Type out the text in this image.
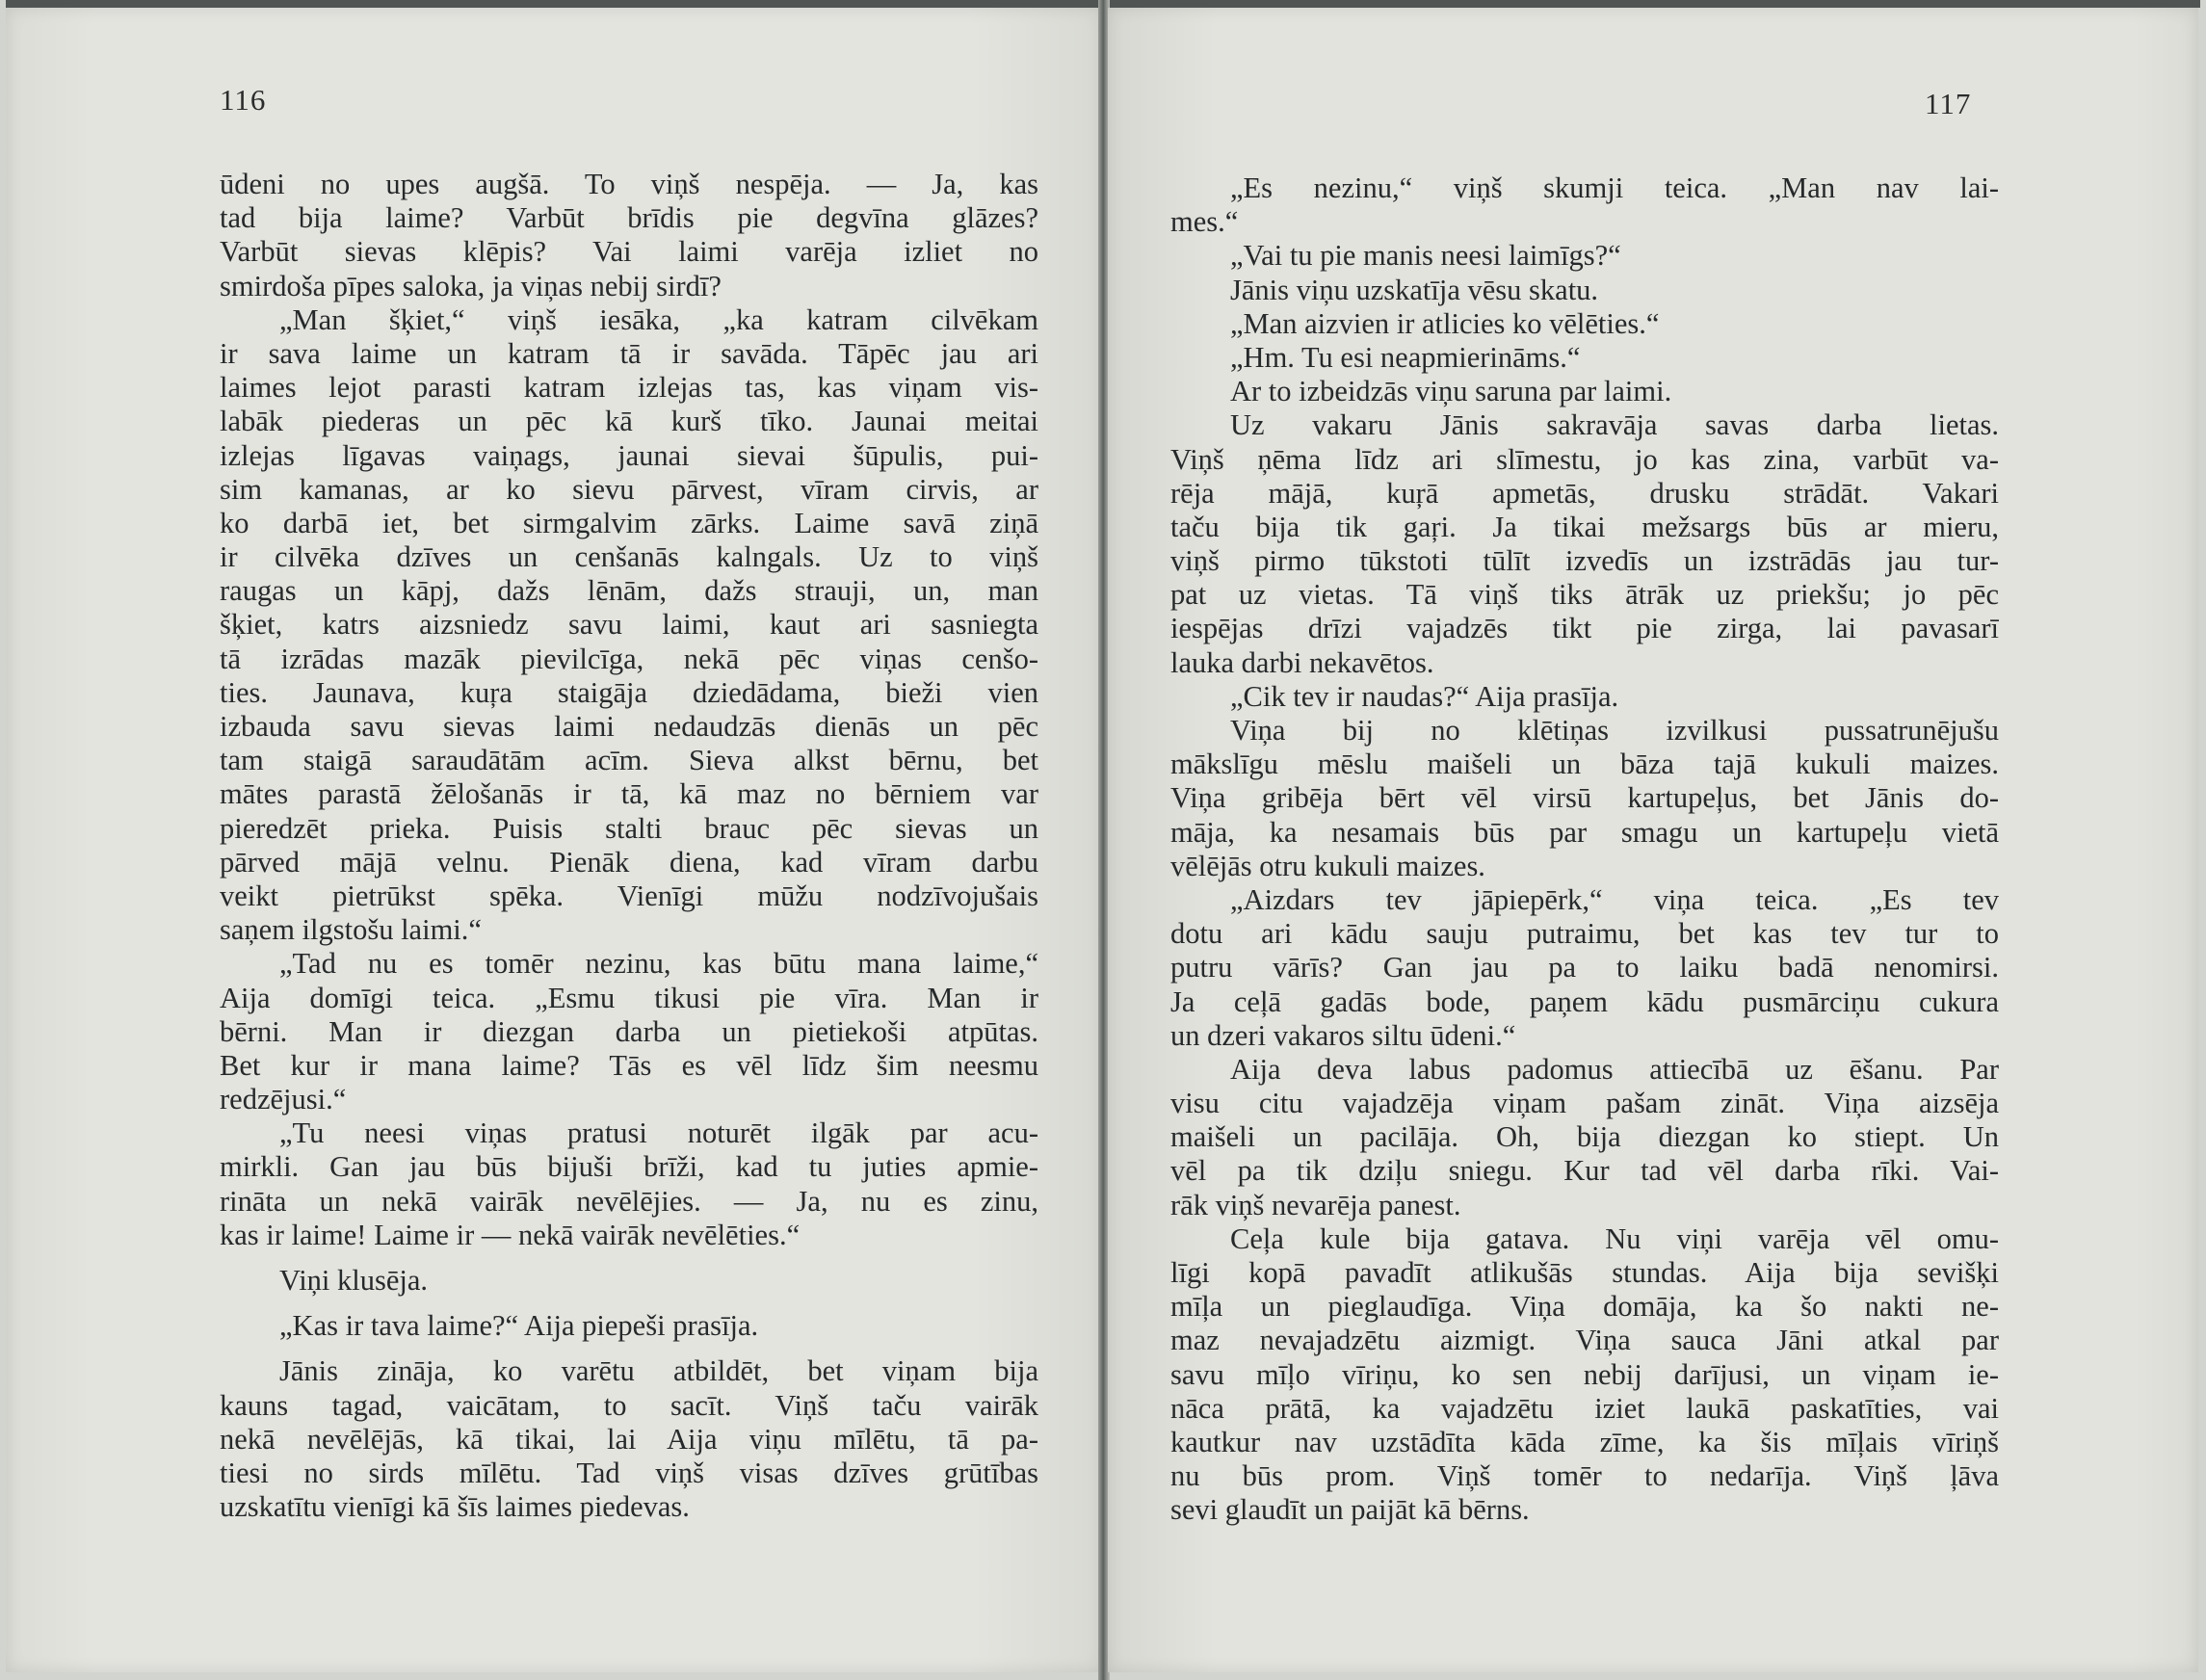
116
ūdeni no upes augšā. To viņš nespēja. — Ja, kas
tad bija laime? Varbūt brīdis pie degvīna glāzes?
Varbūt sievas klēpis? Vai laimi varēja izliet no
smirdoša pīpes saloka, ja viņas nebij sirdī?
„Man šķiet,“ viņš iesāka, „ka katram cilvēkam
ir sava laime un katram tā ir savāda. Tāpēc jau ari
laimes lejot parasti katram izlejas tas, kas viņam vis-
labāk piederas un pēc kā kurš tīko. Jaunai meitai
izlejas līgavas vaiņags, jaunai sievai šūpulis, pui-
sim kamanas, ar ko sievu pārvest, vīram cirvis, ar
ko darbā iet, bet sirmgalvim zārks. Laime savā ziņā
ir cilvēka dzīves un cenšanās kalngals. Uz to viņš
raugas un kāpj, dažs lēnām, dažs strauji, un, man
šķiet, katrs aizsniedz savu laimi, kaut ari sasniegta
tā izrādas mazāk pievilcīga, nekā pēc viņas cenšo-
ties. Jaunava, kuŗa staigāja dziedādama, bieži vien
izbauda savu sievas laimi nedaudzās dienās un pēc
tam staigā saraudātām acīm. Sieva alkst bērnu, bet
mātes parastā žēlošanās ir tā, kā maz no bērniem var
pieredzēt prieka. Puisis stalti brauc pēc sievas un
pārved mājā velnu. Pienāk diena, kad vīram darbu
veikt pietrūkst spēka. Vienīgi mūžu nodzīvojušais
saņem ilgstošu laimi.“
„Tad nu es tomēr nezinu, kas būtu mana laime,“
Aija domīgi teica. „Esmu tikusi pie vīra. Man ir
bērni. Man ir diezgan darba un pietiekoši atpūtas.
Bet kur ir mana laime? Tās es vēl līdz šim neesmu
redzējusi.“
„Tu neesi viņas pratusi noturēt ilgāk par acu-
mirkli. Gan jau būs bijuši brīži, kad tu juties apmie-
rināta un nekā vairāk nevēlējies. — Ja, nu es zinu,
kas ir laime! Laime ir — nekā vairāk nevēlēties.“
Viņi klusēja.
„Kas ir tava laime?“ Aija piepeši prasīja.
Jānis zināja, ko varētu atbildēt, bet viņam bija
kauns tagad, vaicātam, to sacīt. Viņš taču vairāk
nekā nevēlējās, kā tikai, lai Aija viņu mīlētu, tā pa-
tiesi no sirds mīlētu. Tad viņš visas dzīves grūtības
uzskatītu vienīgi kā šīs laimes piedevas.
117
„Es nezinu,“ viņš skumji teica. „Man nav lai-
mes.“
„Vai tu pie manis neesi laimīgs?“
Jānis viņu uzskatīja vēsu skatu.
„Man aizvien ir atlicies ko vēlēties.“
„Hm. Tu esi neapmierināms.“
Ar to izbeidzās viņu saruna par laimi.
Uz vakaru Jānis sakravāja savas darba lietas.
Viņš ņēma līdz ari slīmestu, jo kas zina, varbūt va-
rēja mājā, kuŗā apmetās, drusku strādāt. Vakari
taču bija tik gaŗi. Ja tikai mežsargs būs ar mieru,
viņš pirmo tūkstoti tūlīt izvedīs un izstrādās jau tur-
pat uz vietas. Tā viņš tiks ātrāk uz priekšu; jo pēc
iespējas drīzi vajadzēs tikt pie zirga, lai pavasarī
lauka darbi nekavētos.
„Cik tev ir naudas?“ Aija prasīja.
Viņa bij no klētiņas izvilkusi pussatrunējušu
mākslīgu mēslu maišeli un bāza tajā kukuli maizes.
Viņa gribēja bērt vēl virsū kartupeļus, bet Jānis do-
māja, ka nesamais būs par smagu un kartupeļu vietā
vēlējās otru kukuli maizes.
„Aizdars tev jāpiepērk,“ viņa teica. „Es tev
dotu ari kādu sauju putraimu, bet kas tev tur to
putru vārīs? Gan jau pa to laiku badā nenomirsi.
Ja ceļā gadās bode, paņem kādu pusmārciņu cukura
un dzeri vakaros siltu ūdeni.“
Aija deva labus padomus attiecībā uz ēšanu. Par
visu citu vajadzēja viņam pašam zināt. Viņa aizsēja
maišeli un pacilāja. Oh, bija diezgan ko stiept. Un
vēl pa tik dziļu sniegu. Kur tad vēl darba rīki. Vai-
rāk viņš nevarēja panest.
Ceļa kule bija gatava. Nu viņi varēja vēl omu-
līgi kopā pavadīt atlikušās stundas. Aija bija sevišķi
mīļa un pieglaudīga. Viņa domāja, ka šo nakti ne-
maz nevajadzētu aizmigt. Viņa sauca Jāni atkal par
savu mīļo vīriņu, ko sen nebij darījusi, un viņam ie-
nāca prātā, ka vajadzētu iziet laukā paskatīties, vai
kautkur nav uzstādīta kāda zīme, ka šis mīļais vīriņš
nu būs prom. Viņš tomēr to nedarīja. Viņš ļāva
sevi glaudīt un paijāt kā bērns.
